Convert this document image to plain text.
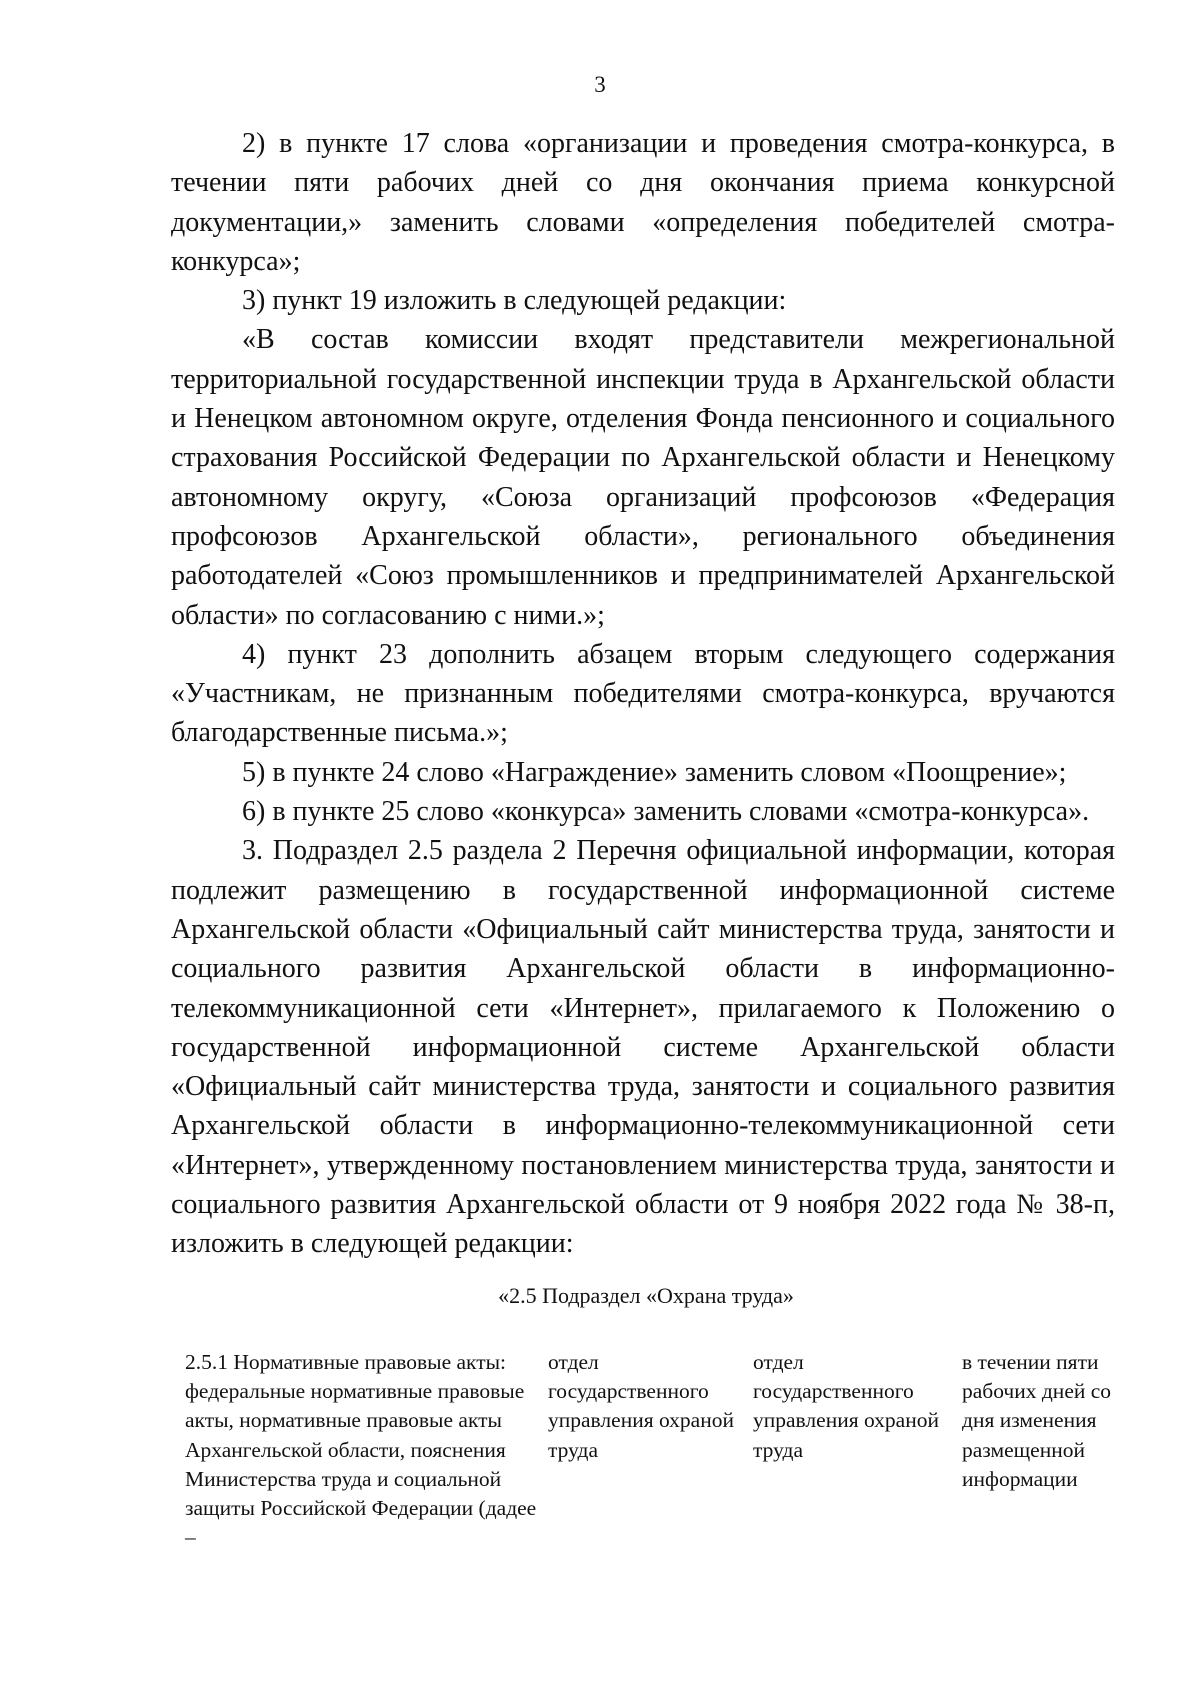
3

2) в пункте 17 слова «организации и проведения смотра-конкурса, в течении пяти рабочих дней со дня окончания приема конкурсной документации,» заменить словами «определения победителей смотра-конкурса»;

3) пункт 19 изложить в следующей редакции:

«В состав комиссии входят представители межрегиональной территориальной государственной инспекции труда в Архангельской области и Ненецком автономном округе, отделения Фонда пенсионного и социального страхования Российской Федерации по Архангельской области и Ненецкому автономному округу, «Союза организаций профсоюзов «Федерация профсоюзов Архангельской области», регионального объединения работодателей «Союз промышленников и предпринимателей Архангельской области» по согласованию с ними.»;

4) пункт 23 дополнить абзацем вторым следующего содержания «Участникам, не признанным победителями смотра-конкурса, вручаются благодарственные письма.»;

5) в пункте 24 слово «Награждение» заменить словом «Поощрение»;

6) в пункте 25 слово «конкурса» заменить словами «смотра-конкурса».

3. Подраздел 2.5 раздела 2 Перечня официальной информации, которая подлежит размещению в государственной информационной системе Архангельской области «Официальный сайт министерства труда, занятости и социального развития Архангельской области в информационно-телекоммуникационной сети «Интернет», прилагаемого к Положению о государственной информационной системе Архангельской области «Официальный сайт министерства труда, занятости и социального развития Архангельской области в информационно-телекоммуникационной сети «Интернет», утвержденному постановлением министерства труда, занятости и социального развития Архангельской области от 9 ноября 2022 года № 38-п, изложить в следующей редакции:

«2.5 Подраздел «Охрана труда»
2.5.1 Нормативные правовые акты: федеральные нормативные правовые акты, нормативные правовые акты Архангельской области, пояснения Министерства труда и социальной защиты Российской Федерации (дадее –	отдел государственного управления охраной труда	отдел государственного управления охраной труда	в течении пяти рабочих дней со дня изменения размещенной информации
